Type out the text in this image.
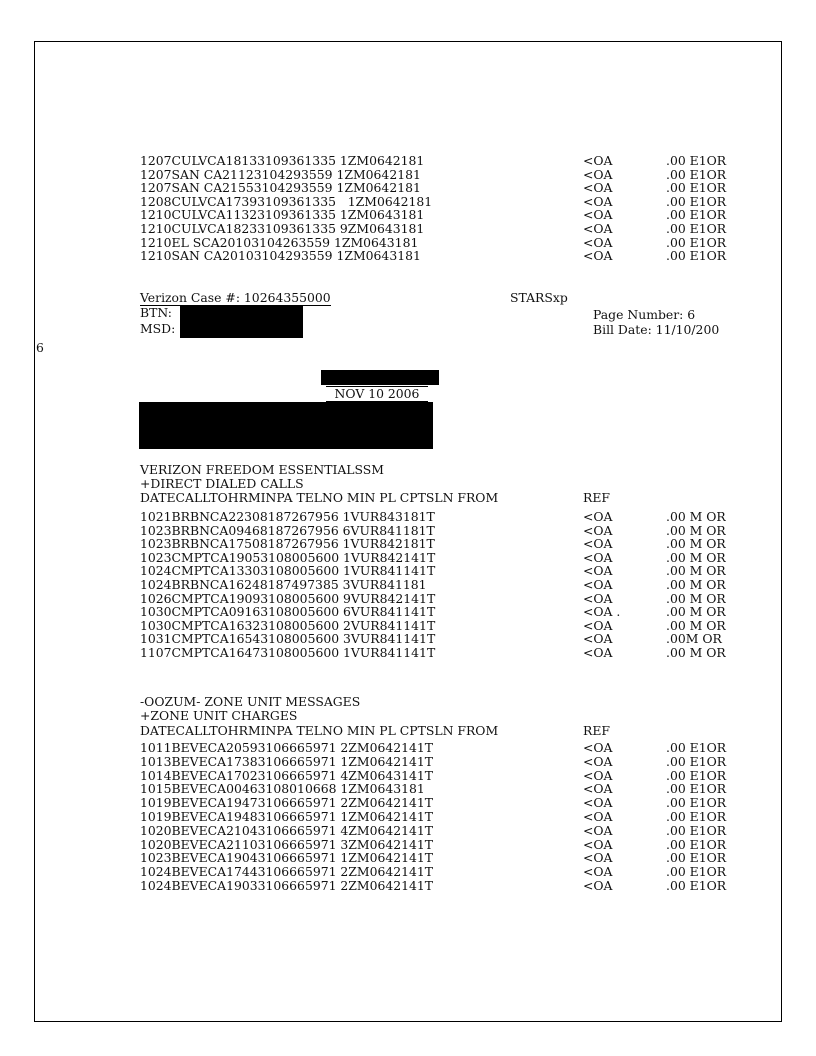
6
1207CULVCA18133109361335 1ZM0642181	<OA	.00 E1OR
1207SAN CA21123104293559 1ZM0642181	<OA	.00 E1OR
1207SAN CA21553104293559 1ZM0642181	<OA	.00 E1OR
1208CULVCA17393109361335   1ZM0642181	<OA	.00 E1OR
1210CULVCA11323109361335 1ZM0643181	<OA	.00 E1OR
1210CULVCA18233109361335 9ZM0643181	<OA	.00 E1OR
1210EL SCA20103104263559 1ZM0643181	<OA	.00 E1OR
1210SAN CA20103104293559 1ZM0643181	<OA	.00 E1OR
Verizon Case #: 10264355000	STARSxp
BTN:
MSD:
Page Number: 6
Bill Date: 11/10/200
NOV 10 2006
VERIZON FREEDOM ESSENTIALSSM
+DIRECT DIALED CALLS
DATECALLTOHRMINPA TELNO MIN PL CPTSLN FROM	REF
1021BRBNCA22308187267956 1VUR843181T	<OA	.00 M OR
1023BRBNCA09468187267956 6VUR841181T	<OA	.00 M OR
1023BRBNCA17508187267956 1VUR842181T	<OA	.00 M OR
1023CMPTCA19053108005600 1VUR842141T	<OA	.00 M OR
1024CMPTCA13303108005600 1VUR841141T	<OA	.00 M OR
1024BRBNCA16248187497385 3VUR841181	<OA	.00 M OR
1026CMPTCA19093108005600 9VUR842141T	<OA	.00 M OR
1030CMPTCA09163108005600 6VUR841141T	<OA .	.00 M OR
1030CMPTCA16323108005600 2VUR841141T	<OA	.00 M OR
1031CMPTCA16543108005600 3VUR841141T	<OA	.00M OR
1107CMPTCA16473108005600 1VUR841141T	<OA	.00 M OR
-OOZUM- ZONE UNIT MESSAGES
+ZONE UNIT CHARGES
DATECALLTOHRMINPA TELNO MIN PL CPTSLN FROM	REF
1011BEVECA20593106665971 2ZM0642141T	<OA	.00 E1OR
1013BEVECA17383106665971 1ZM0642141T	<OA	.00 E1OR
1014BEVECA17023106665971 4ZM0643141T	<OA	.00 E1OR
1015BEVECA00463108010668 1ZM0643181	<OA	.00 E1OR
1019BEVECA19473106665971 2ZM0642141T	<OA	.00 E1OR
1019BEVECA19483106665971 1ZM0642141T	<OA	.00 E1OR
1020BEVECA21043106665971 4ZM0642141T	<OA	.00 E1OR
1020BEVECA21103106665971 3ZM0642141T	<OA	.00 E1OR
1023BEVECA19043106665971 1ZM0642141T	<OA	.00 E1OR
1024BEVECA17443106665971 2ZM0642141T	<OA	.00 E1OR
1024BEVECA19033106665971 2ZM0642141T	<OA	.00 E1OR
